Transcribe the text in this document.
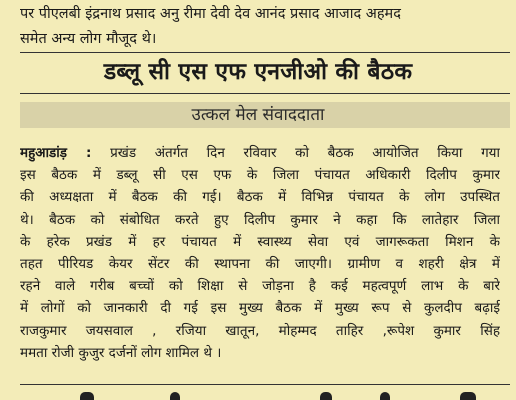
पर पीएलबी इंद्रनाथ प्रसाद अनु रीमा देवी देव आनंद प्रसाद आजाद अहमद
समेत अन्य लोग मौजूद थे।
डब्लू सी एस एफ एनजीओ की बैठक
उत्कल मेल संवाददाता
महुआडांड़ : प्रखंड अंतर्गत दिन रविवार को बैठक आयोजित किया गया
इस बैठक में डब्लू सी एस एफ के जिला पंचायत अधिकारी दिलीप कुमार
की अध्यक्षता में बैठक की गई। बैठक में विभिन्न पंचायत के लोग उपस्थित
थे। बैठक को संबोधित करते हुए दिलीप कुमार ने कहा कि लातेहार जिला
के हरेक प्रखंड में हर पंचायत में स्वास्थ्य सेवा एवं जागरूकता मिशन के
तहत पीरियड केयर सेंटर की स्थापना की जाएगी। ग्रामीण व शहरी क्षेत्र में
रहने वाले गरीब बच्चों को शिक्षा से जोड़ना है कई महत्वपूर्ण लाभ के बारे
में लोगों को जानकारी दी गई इस मुख्य बैठक में मुख्य रूप से कुलदीप बढ़ाई
राजकुमार जयसवाल , रजिया खातून, मोहम्मद ताहिर ,रूपेश कुमार सिंह
ममता रोजी कुजुर दर्जनों लोग शामिल थे ।
